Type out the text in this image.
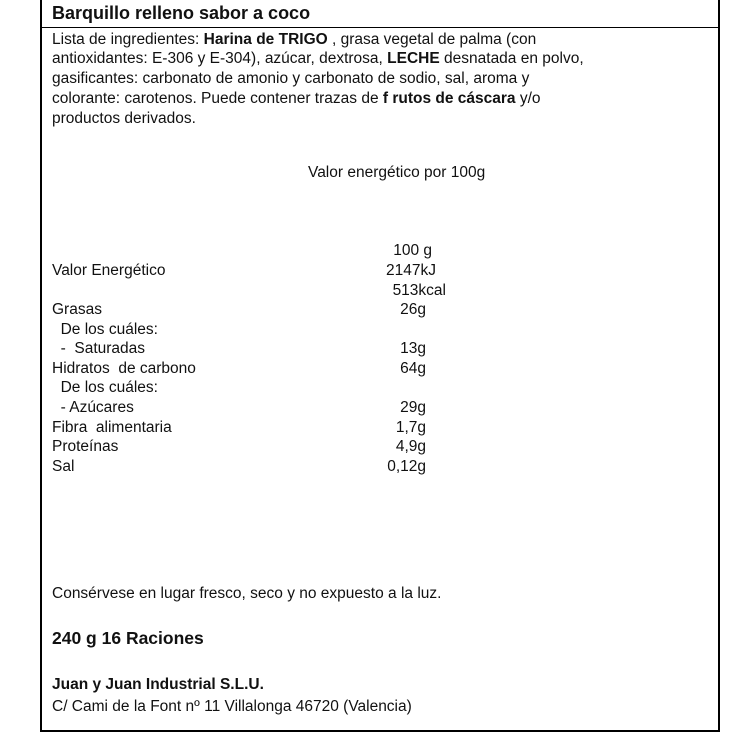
Barquillo relleno sabor a coco
Lista de ingredientes: Harina de TRIGO , grasa vegetal de palma (con
antioxidantes: E-306 y E-304), azúcar, dextrosa, LECHE desnatada en polvo,
gasificantes: carbonato de amonio y carbonato de sodio, sal, aroma y
colorante: carotenos. Puede contener trazas de f rutos de cáscara y/o
productos derivados.
Valor energético por 100g
100 g
Valor Energético	2147kJ
513kcal
Grasas	26g
De los cuáles:
-  Saturadas	13g
Hidratos  de carbono	64g
De los cuáles:
- Azúcares	29g
Fibra  alimentaria	1,7g
Proteínas	4,9g
Sal	0,12g
Consérvese en lugar fresco, seco y no expuesto a la luz.
240 g 16 Raciones
Juan y Juan Industrial S.L.U.
C/ Cami de la Font nº 11 Villalonga 46720 (Valencia)
